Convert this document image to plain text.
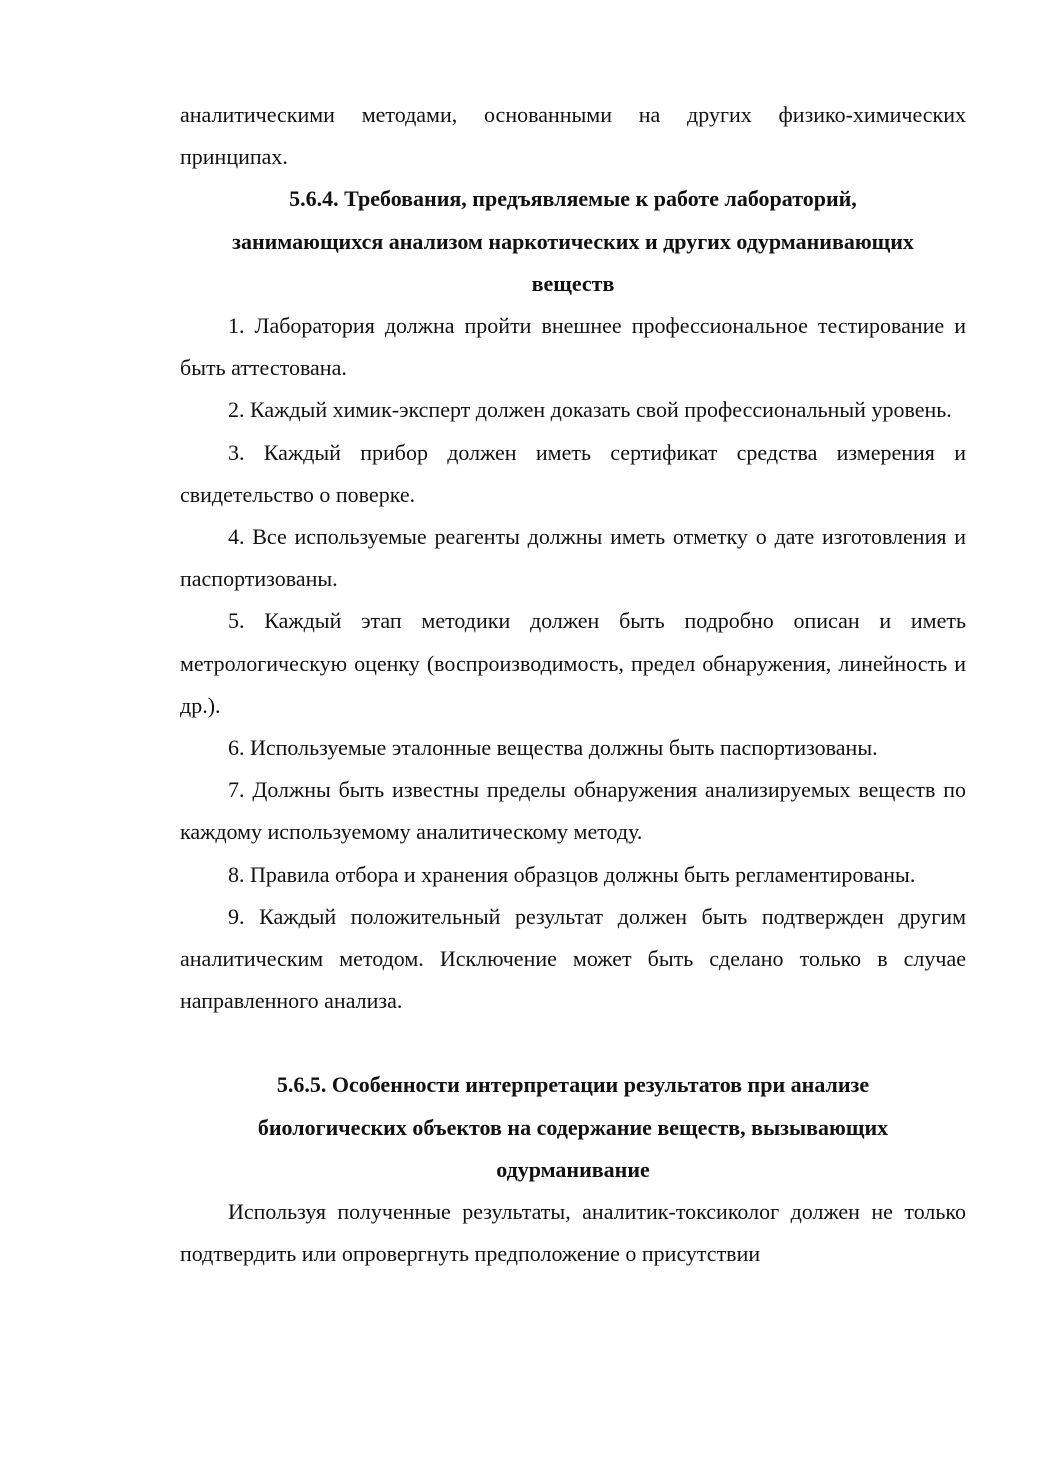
аналитическими методами, основанными на других физико-химических принципах.

5.6.4. Требования, предъявляемые к работе лабораторий, занимающихся анализом наркотических и других одурманивающих веществ

1. Лаборатория должна пройти внешнее профессиональное тестирование и быть аттестована.

2. Каждый химик-эксперт должен доказать свой профессиональный уровень.

3. Каждый прибор должен иметь сертификат средства измерения и свидетельство о поверке.

4. Все используемые реагенты должны иметь отметку о дате изготовления и паспортизованы.

5. Каждый этап методики должен быть подробно описан и иметь метрологическую оценку (воспроизводимость, предел обнаружения, линейность и др.).

6. Используемые эталонные вещества должны быть паспортизованы.

7. Должны быть известны пределы обнаружения анализируемых веществ по каждому используемому аналитическому методу.

8. Правила отбора и хранения образцов должны быть регламентированы.

9. Каждый положительный результат должен быть подтвержден другим аналитическим методом. Исключение может быть сделано только в случае направленного анализа.

5.6.5. Особенности интерпретации результатов при анализе биологических объектов на содержание веществ, вызывающих одурманивание

Используя полученные результаты, аналитик-токсиколог должен не только подтвердить или опровергнуть предположение о присутствии
